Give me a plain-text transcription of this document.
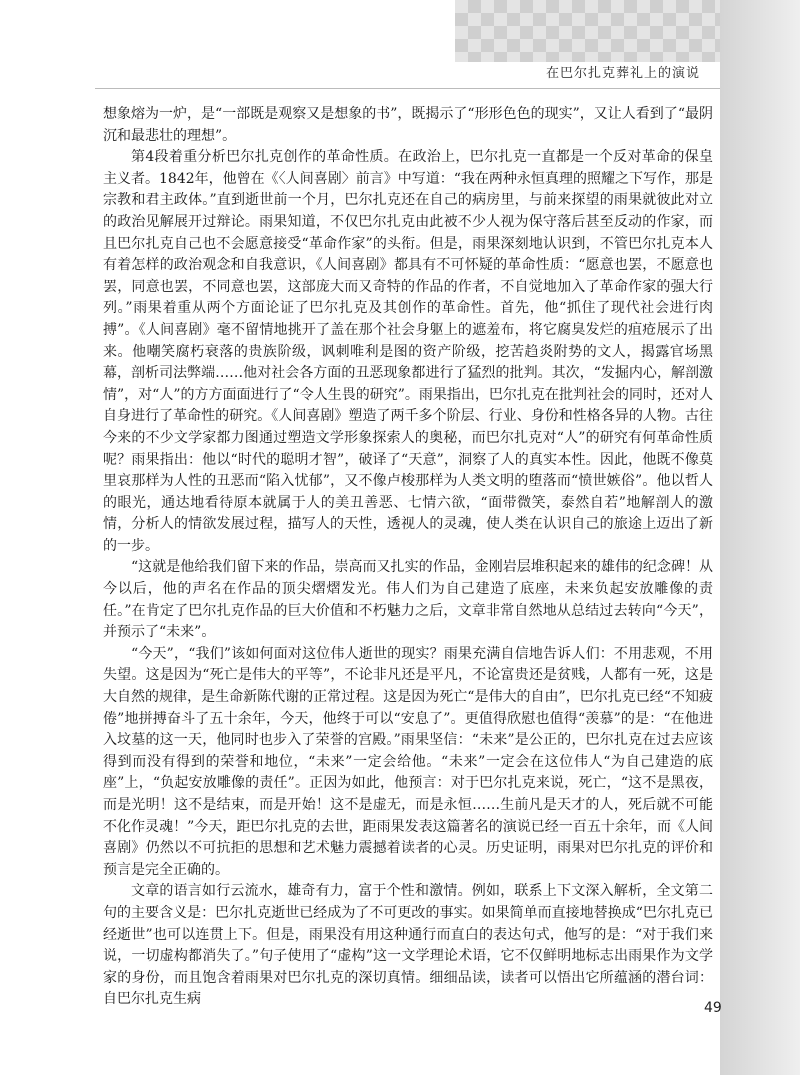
在巴尔扎克葬礼上的演说

想象熔为一炉，是“一部既是观察又是想象的书”，既揭示了“形形色色的现实”，又让人看到了“最阴沉和最悲壮的理想”。

第4段着重分析巴尔扎克创作的革命性质。在政治上，巴尔扎克一直都是一个反对革命的保皇主义者。1842年，他曾在《〈人间喜剧〉前言》中写道：“我在两种永恒真理的照耀之下写作，那是宗教和君主政体。”直到逝世前一个月，巴尔扎克还在自己的病房里，与前来探望的雨果就彼此对立的政治见解展开过辩论。雨果知道，不仅巴尔扎克由此被不少人视为保守落后甚至反动的作家，而且巴尔扎克自己也不会愿意接受“革命作家”的头衔。但是，雨果深刻地认识到，不管巴尔扎克本人有着怎样的政治观念和自我意识，《人间喜剧》都具有不可怀疑的革命性质：“愿意也罢，不愿意也罢，同意也罢，不同意也罢，这部庞大而又奇特的作品的作者，不自觉地加入了革命作家的强大行列。”雨果着重从两个方面论证了巴尔扎克及其创作的革命性。首先，他“抓住了现代社会进行肉搏”。《人间喜剧》毫不留情地挑开了盖在那个社会身躯上的遮羞布，将它腐臭发烂的疽疮展示了出来。他嘲笑腐朽衰落的贵族阶级，讽刺唯利是图的资产阶级，挖苦趋炎附势的文人，揭露官场黑幕，剖析司法弊端……他对社会各方面的丑恶现象都进行了猛烈的批判。其次，“发掘内心，解剖激情”，对“人”的方方面面进行了“令人生畏的研究”。雨果指出，巴尔扎克在批判社会的同时，还对人自身进行了革命性的研究。《人间喜剧》塑造了两千多个阶层、行业、身份和性格各异的人物。古往今来的不少文学家都力图通过塑造文学形象探索人的奥秘，而巴尔扎克对“人”的研究有何革命性质呢？雨果指出：他以“时代的聪明才智”，破译了“天意”，洞察了人的真实本性。因此，他既不像莫里哀那样为人性的丑恶而“陷入忧郁”，又不像卢梭那样为人类文明的堕落而“愤世嫉俗”。他以哲人的眼光，通达地看待原本就属于人的美丑善恶、七情六欲，“面带微笑，泰然自若”地解剖人的激情，分析人的情欲发展过程，描写人的天性，透视人的灵魂，使人类在认识自己的旅途上迈出了新的一步。

“这就是他给我们留下来的作品，崇高而又扎实的作品，金刚岩层堆积起来的雄伟的纪念碑！从今以后，他的声名在作品的顶尖熠熠发光。伟人们为自己建造了底座，未来负起安放雕像的责任。”在肯定了巴尔扎克作品的巨大价值和不朽魅力之后，文章非常自然地从总结过去转向“今天”，并预示了“未来”。

“今天”，“我们”该如何面对这位伟人逝世的现实？雨果充满自信地告诉人们：不用悲观，不用失望。这是因为“死亡是伟大的平等”，不论非凡还是平凡，不论富贵还是贫贱，人都有一死，这是大自然的规律，是生命新陈代谢的正常过程。这是因为死亡“是伟大的自由”，巴尔扎克已经“不知疲倦”地拼搏奋斗了五十余年，今天，他终于可以“安息了”。更值得欣慰也值得“羡慕”的是：“在他进入坟墓的这一天，他同时也步入了荣誉的宫殿。”雨果坚信：“未来”是公正的，巴尔扎克在过去应该得到而没有得到的荣誉和地位，“未来”一定会给他。“未来”一定会在这位伟人“为自己建造的底座”上，“负起安放雕像的责任”。正因为如此，他预言：对于巴尔扎克来说，死亡，“这不是黑夜，而是光明！这不是结束，而是开始！这不是虚无，而是永恒……生前凡是天才的人，死后就不可能不化作灵魂！”今天，距巴尔扎克的去世，距雨果发表这篇著名的演说已经一百五十余年，而《人间喜剧》仍然以不可抗拒的思想和艺术魅力震撼着读者的心灵。历史证明，雨果对巴尔扎克的评价和预言是完全正确的。

文章的语言如行云流水，雄奇有力，富于个性和激情。例如，联系上下文深入解析，全文第二句的主要含义是：巴尔扎克逝世已经成为了不可更改的事实。如果简单而直接地替换成“巴尔扎克已经逝世”也可以连贯上下。但是，雨果没有用这种通行而直白的表达句式，他写的是：“对于我们来说，一切虚构都消失了。”句子使用了“虚构”这一文学理论术语，它不仅鲜明地标志出雨果作为文学家的身份，而且饱含着雨果对巴尔扎克的深切真情。细细品读，读者可以悟出它所蕴涵的潜台词：自巴尔扎克生病

49
